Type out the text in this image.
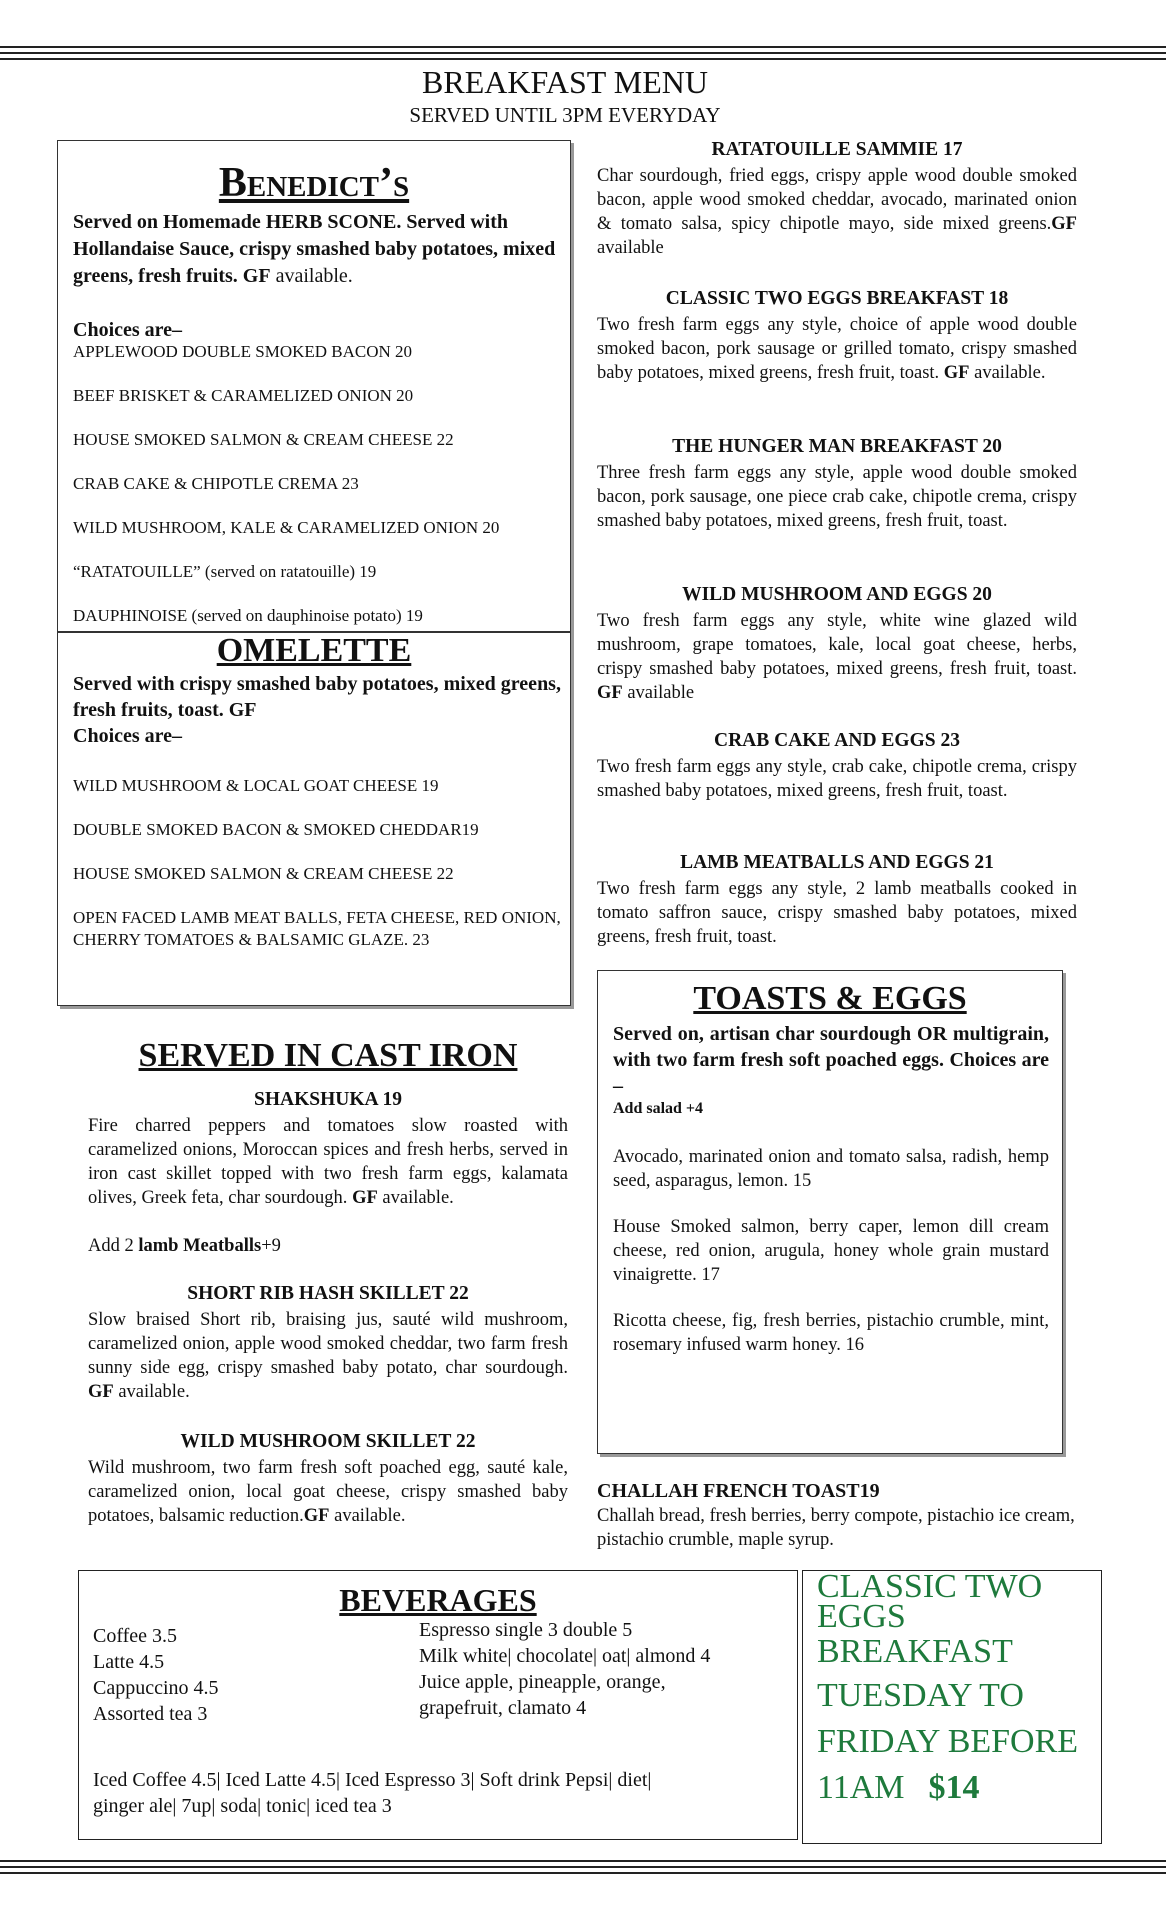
BREAKFAST MENU
SERVED UNTIL 3PM EVERYDAY
Benedict’s
Served on Homemade HERB SCONE. Served with Hollandaise Sauce, crispy smashed baby potatoes, mixed greens, fresh fruits. GF available.
Choices are–
APPLEWOOD DOUBLE SMOKED BACON 20
BEEF BRISKET & CARAMELIZED ONION 20
HOUSE SMOKED SALMON & CREAM CHEESE 22
CRAB CAKE & CHIPOTLE CREMA 23
WILD MUSHROOM, KALE & CARAMELIZED ONION 20
“RATATOUILLE” (served on ratatouille) 19
DAUPHINOISE (served on dauphinoise potato) 19
OMELETTE
Served with crispy smashed baby potatoes, mixed greens, fresh fruits, toast. GF
Choices are–
WILD MUSHROOM & LOCAL GOAT CHEESE 19
DOUBLE SMOKED BACON & SMOKED CHEDDAR19
HOUSE SMOKED SALMON & CREAM CHEESE 22
OPEN FACED LAMB MEAT BALLS, FETA CHEESE, RED ONION, CHERRY TOMATOES & BALSAMIC GLAZE. 23
SERVED IN CAST IRON
SHAKSHUKA 19
Fire charred peppers and tomatoes slow roasted with caramelized onions, Moroccan spices and fresh herbs, served in iron cast skillet topped with two fresh farm eggs, kalamata olives, Greek feta, char sourdough. GF available.
Add 2 lamb Meatballs+9
SHORT RIB HASH SKILLET 22
Slow braised Short rib, braising jus, sauté wild mushroom, caramelized onion, apple wood smoked cheddar, two farm fresh sunny side egg, crispy smashed baby potato, char sourdough. GF available.
WILD MUSHROOM SKILLET 22
Wild mushroom, two farm fresh soft poached egg, sauté kale, caramelized onion, local goat cheese, crispy smashed baby potatoes, balsamic reduction.GF available.
RATATOUILLE SAMMIE 17
Char sourdough, fried eggs, crispy apple wood double smoked bacon, apple wood smoked cheddar, avocado, marinated onion & tomato salsa, spicy chipotle mayo, side mixed greens.GF available
CLASSIC TWO EGGS BREAKFAST 18
Two fresh farm eggs any style, choice of apple wood double smoked bacon, pork sausage or grilled tomato, crispy smashed baby potatoes, mixed greens, fresh fruit, toast. GF available.
THE HUNGER MAN BREAKFAST 20
Three fresh farm eggs any style, apple wood double smoked bacon, pork sausage, one piece crab cake, chipotle crema, crispy smashed baby potatoes, mixed greens, fresh fruit, toast.
WILD MUSHROOM AND EGGS 20
Two fresh farm eggs any style, white wine glazed wild mushroom, grape tomatoes, kale, local goat cheese, herbs, crispy smashed baby potatoes, mixed greens, fresh fruit, toast. GF available
CRAB CAKE AND EGGS 23
Two fresh farm eggs any style, crab cake, chipotle crema, crispy smashed baby potatoes, mixed greens, fresh fruit, toast.
LAMB MEATBALLS AND EGGS 21
Two fresh farm eggs any style, 2 lamb meatballs cooked in tomato saffron sauce, crispy smashed baby potatoes, mixed greens, fresh fruit, toast.
TOASTS & EGGS
Served on, artisan char sourdough OR multigrain, with two farm fresh soft poached eggs. Choices are –
Add salad +4
Avocado, marinated onion and tomato salsa, radish, hemp seed, asparagus, lemon. 15
House Smoked salmon, berry caper, lemon dill cream cheese, red onion, arugula, honey whole grain mustard vinaigrette. 17
Ricotta cheese, fig, fresh berries, pistachio crumble, mint, rosemary infused warm honey. 16
CHALLAH FRENCH TOAST19
Challah bread, fresh berries, berry compote, pistachio ice cream, pistachio crumble, maple syrup.
BEVERAGES
Coffee 3.5
Latte 4.5
Cappuccino 4.5
Assorted tea 3
Espresso single 3 double 5
Milk white| chocolate| oat| almond 4
Juice apple, pineapple, orange,
grapefruit, clamato 4
Iced Coffee 4.5| Iced Latte 4.5| Iced Espresso 3| Soft drink Pepsi| diet|
ginger ale| 7up| soda| tonic| iced tea 3
CLASSIC TWO
EGGS
BREAKFAST
TUESDAY TO
FRIDAY BEFORE
11AM $14
